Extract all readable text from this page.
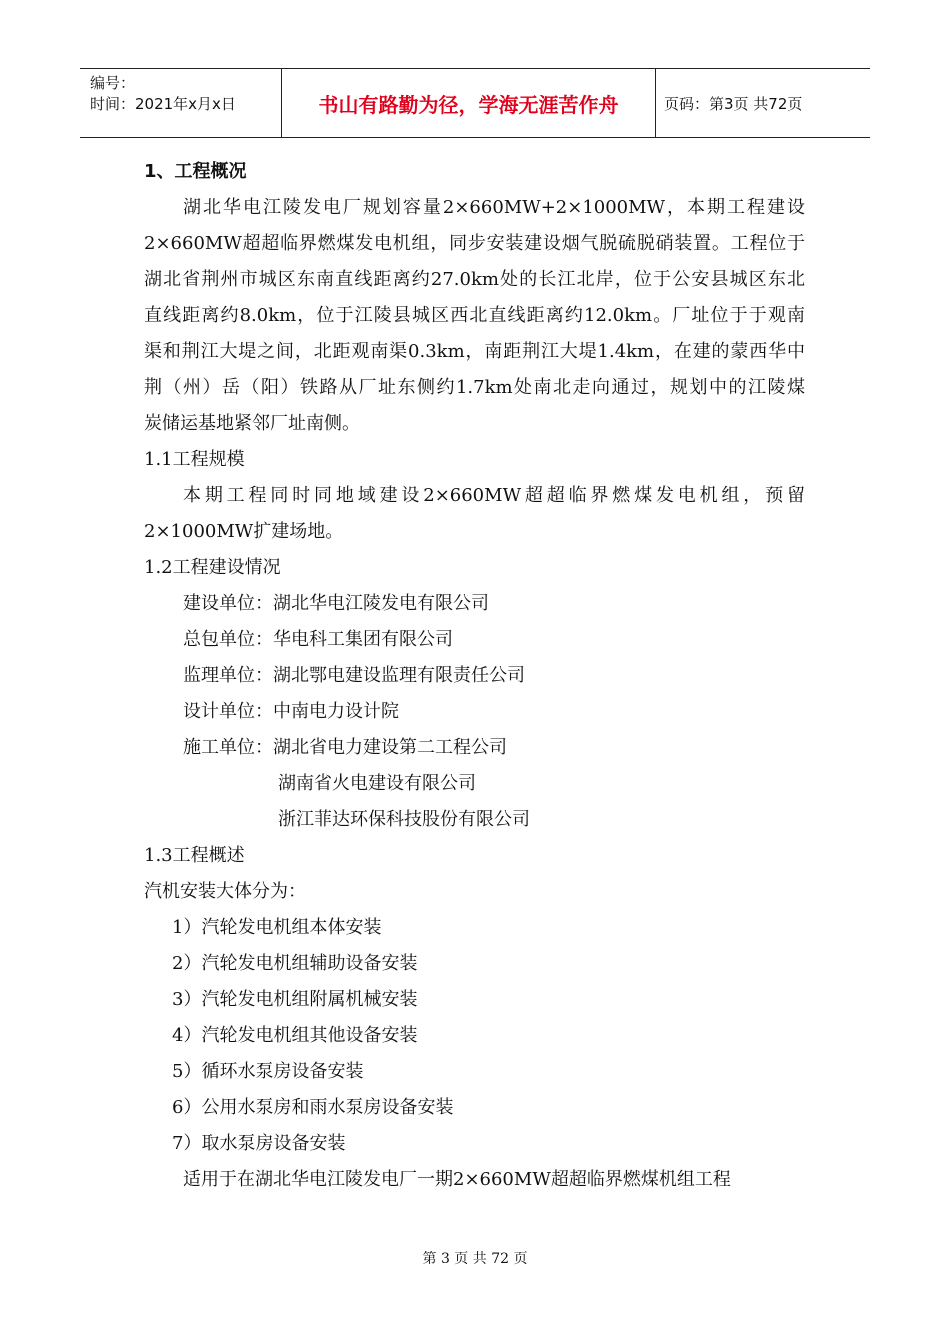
编号：
时间：2021年x月x日	书山有路勤为径，学海无涯苦作舟	页码：第3页 共72页
1、工程概况
湖北华电江陵发电厂规划容量2×660MW+2×1000MW，本期工程建设
2×660MW超超临界燃煤发电机组，同步安装建设烟气脱硫脱硝装置。工程位于
湖北省荆州市城区东南直线距离约27.0km处的长江北岸，位于公安县城区东北
直线距离约8.0km，位于江陵县城区西北直线距离约12.0km。厂址位于于观南
渠和荆江大堤之间，北距观南渠0.3km，南距荆江大堤1.4km，在建的蒙西华中
荆（州）岳（阳）铁路从厂址东侧约1.7km处南北走向通过，规划中的江陵煤
炭储运基地紧邻厂址南侧。
1.1工程规模
本期工程同时同地域建设2×660MW超超临界燃煤发电机组，预留
2×1000MW扩建场地。
1.2工程建设情况
建设单位：湖北华电江陵发电有限公司
总包单位：华电科工集团有限公司
监理单位：湖北鄂电建设监理有限责任公司
设计单位：中南电力设计院
施工单位：湖北省电力建设第二工程公司
湖南省火电建设有限公司
浙江菲达环保科技股份有限公司
1.3工程概述
汽机安装大体分为：
1）汽轮发电机组本体安装
2）汽轮发电机组辅助设备安装
3）汽轮发电机组附属机械安装
4）汽轮发电机组其他设备安装
5）循环水泵房设备安装
6）公用水泵房和雨水泵房设备安装
7）取水泵房设备安装
适用于在湖北华电江陵发电厂一期2×660MW超超临界燃煤机组工程
第 3 页 共 72 页
